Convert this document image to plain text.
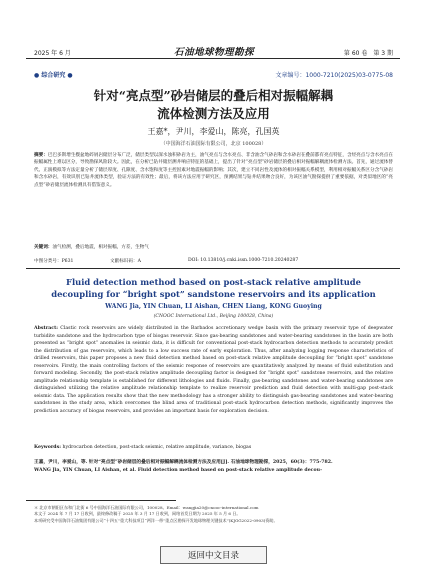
2025 年 6 月	石油地球物理勘探	第 60 卷　第 3 期
● 综合研究 ●	文章编号：1000-7210(2025)03-0775-08
针对“亮点型”砂岩储层的叠后相对振幅解耦
流体检测方法及应用
王嘉*，尹川，李爱山，陈亮，孔国英
（中国海洋石油国际有限公司，北京 100028）
摘要：巴巴多斯增生楔盆地碎屑岩储层分布广泛，储层类型以深水浊积砂岩为主，油气亮点与含水亮点、非含油含气砂岩和含水砂岩在叠前都有亮点特征，含烃亮点与含水亮点在振幅属性上难以区分，导致勘探风险较大。因此，在分析已钻井储层测井响应特征的基础上，提出了针对“亮点型”砂岩储层的叠后相对振幅解耦流体检测方法。首先，通过流体替代、正演模拟等方法定量分析了储层厚度、孔隙度、含水饱和度等主控因素对地震振幅的影响；其次，建立不同岩性及流体的相对振幅关系模型，利用相对振幅关系区分含气砂岩和含水砂岩，有效识别已钻井流体类型，验证方法的有效性；最后，将该方法应用于研究区，预测结果与钻井结果吻合良好，为该区油气勘探提供了重要依据，对类似地区的“亮点型”砂岩储层流体检测具有借鉴意义。
关键词：油气检测，叠后地震，相对振幅，方差，生物气
中图分类号：P631	文献标识码：A	DOI: 10.13810/j.cnki.issn.1000-7210.20240287
Fluid detection method based on post-stack relative amplitude
decoupling for “bright spot” sandstone reservoirs and its application
WANG Jia, YIN Chuan, LI Aishan, CHEN Liang, KONG Guoying
(CNOOC International Ltd., Beijing 100028, China)
Abstract: Clastic rock reservoirs are widely distributed in the Barbados accretionary wedge basin with the primary reservoir type of deepwater turbidite sandstone and the hydrocarbon type of biogas reservoir. Since gas-bearing sandstones and water-bearing sandstones in the basin are both presented as “bright spot” anomalies in seismic data, it is difficult for conventional post-stack hydrocarbon detection methods to accurately predict the distribution of gas reservoirs, which leads to a low success rate of early exploration. Thus, after analyzing logging response characteristics of drilled reservoirs, this paper proposes a new fluid detection method based on post-stack relative amplitude decoupling for “bright spot” sandstone reservoirs. Firstly, the main controlling factors of the seismic response of reservoirs are quantitatively analyzed by means of fluid substitution and forward modeling. Secondly, the post-stack relative amplitude decoupling factor is designed for “bright spot” sandstone reservoirs, and the relative amplitude relationship template is established for different lithologies and fluids. Finally, gas-bearing sandstones and water-bearing sandstones are distinguished utilizing the relative amplitude relationship template to realize reservoir prediction and fluid detection with multi-gap post-stack seismic data. The application results show that the new methodology has a stronger ability to distinguish gas-bearing sandstones and water-bearing sandstones in the study area, which overcomes the blind area of traditional post-stack hydrocarbon detection methods, significantly improves the prediction accuracy of biogas reservoirs, and provides an important basis for exploration decision.
Keywords: hydrocarbon detection, post-stack seismic, relative amplitude, variance, biogas
王嘉，尹川，李爱山，等. 针对“亮点型”砂岩储层的叠后相对振幅解耦流体检测方法及应用[J]. 石油地球物理勘探，2025，60(3)：775-782.
WANG Jia, YIN Chuan, LI Aishan, et al. Fluid detection method based on post-stack relative amplitude decou-
＊ 北京市朝阳区东和门北街 6 号中国海洋石油国际有限公司，100028。Email：wangjia20@cnooc-international.com
本文于 2024 年 7 月 17 日收到，最终修改稿于 2025 年 3 月 17 日收到，网络首发日期为 2025 年 5 月 6 日。
本项研究受中国海洋石油集团有限公司“十四五”重大科技项目“两洋一带”重点区勘探开发地球物理关键技术”(KJGG2022-0903)资助。
返回中文目录
